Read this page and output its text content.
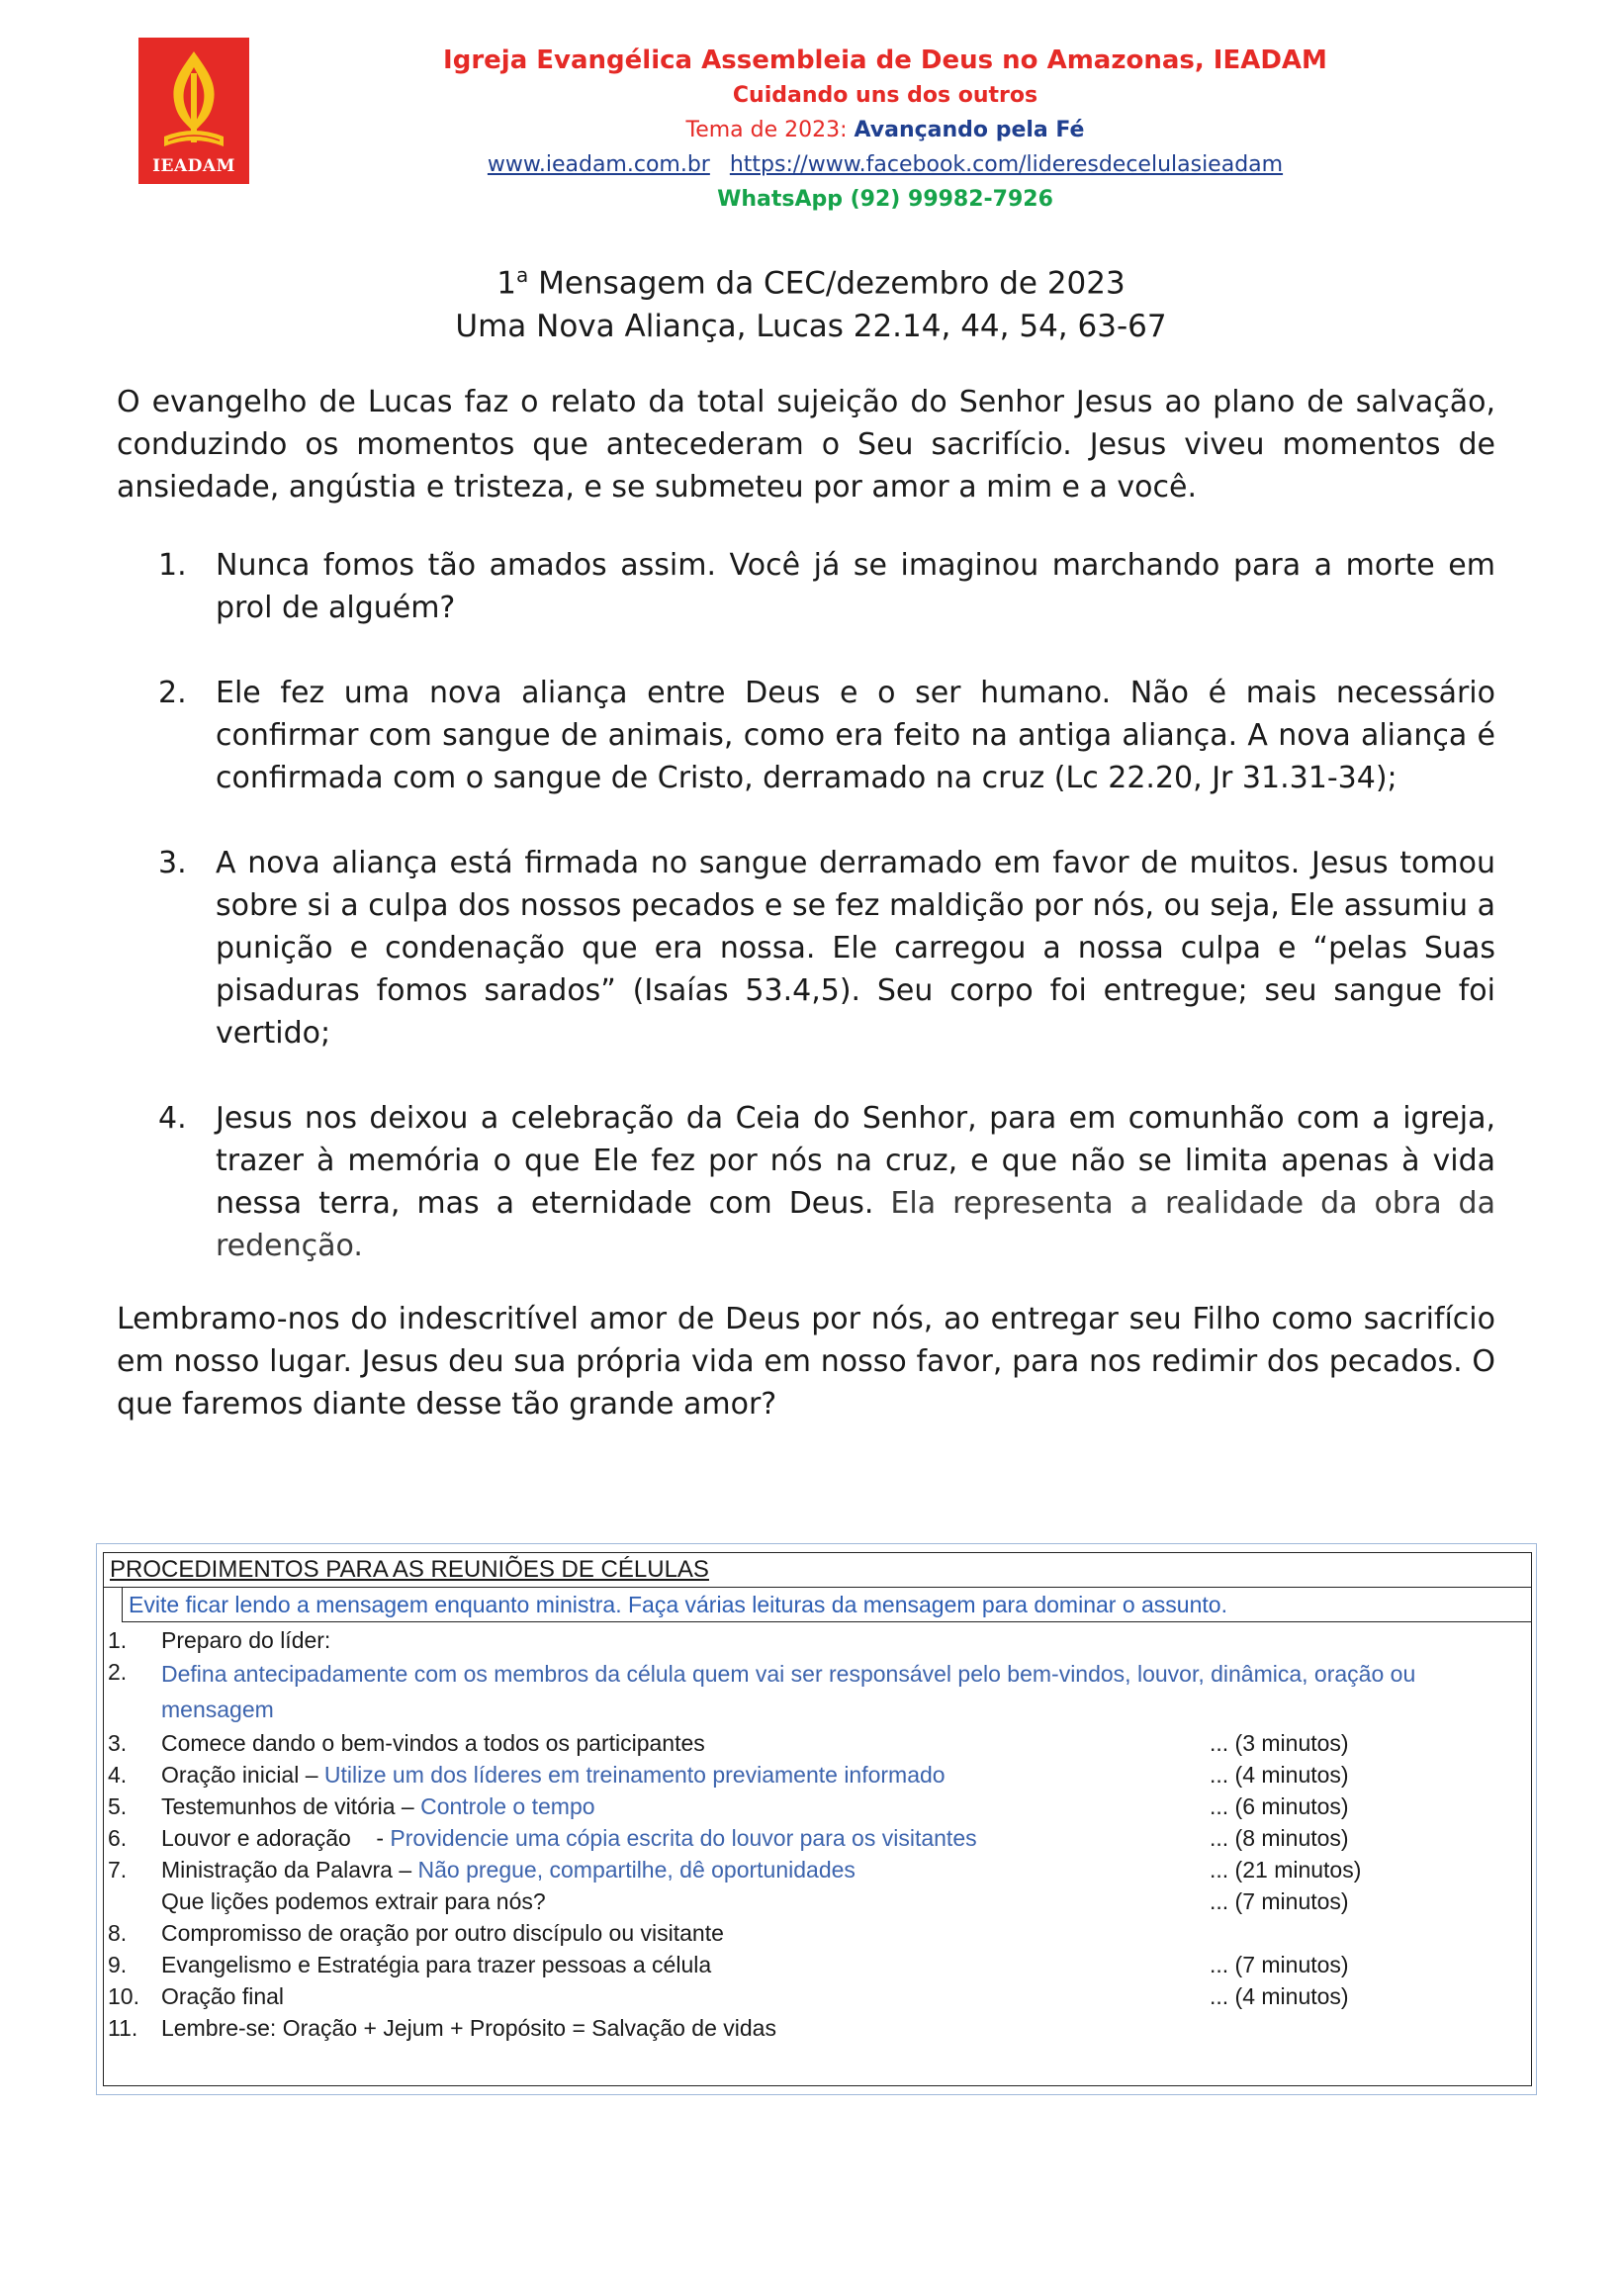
IEADAM
Igreja Evangélica Assembleia de Deus no Amazonas, IEADAM
Cuidando uns dos outros
Tema de 2023: Avançando pela Fé
www.ieadam.com.br https://www.facebook.com/lideresdecelulasieadam
WhatsApp (92) 99982-7926
1$^a$ Mensagem da CEC/dezembro de 2023
Uma Nova Aliança, Lucas 22.14, 44, 54, 63-67
O evangelho de Lucas faz o relato da total sujeição do Senhor Jesus ao plano de salvação, conduzindo os momentos que antecederam o Seu sacrifício. Jesus viveu momentos de ansiedade, angústia e tristeza, e se submeteu por amor a mim e a você.
1. Nunca fomos tão amados assim. Você já se imaginou marchando para a morte em prol de alguém?
2. Ele fez uma nova aliança entre Deus e o ser humano. Não é mais necessário confirmar com sangue de animais, como era feito na antiga aliança. A nova aliança é confirmada com o sangue de Cristo, derramado na cruz (Lc 22.20, Jr 31.31-34);
3. A nova aliança está firmada no sangue derramado em favor de muitos. Jesus tomou sobre si a culpa dos nossos pecados e se fez maldição por nós, ou seja, Ele assumiu a punição e condenação que era nossa. Ele carregou a nossa culpa e “pelas Suas pisaduras fomos sarados” (Isaías 53.4,5). Seu corpo foi entregue; seu sangue foi vertido;
4. Jesus nos deixou a celebração da Ceia do Senhor, para em comunhão com a igreja, trazer à memória o que Ele fez por nós na cruz, e que não se limita apenas à vida nessa terra, mas a eternidade com Deus. Ela representa a realidade da obra da redenção.
Lembramo-nos do indescritível amor de Deus por nós, ao entregar seu Filho como sacrifício em nosso lugar. Jesus deu sua própria vida em nosso favor, para nos redimir dos pecados. O que faremos diante desse tão grande amor?
PROCEDIMENTOS PARA AS REUNIÕES DE CÉLULAS
Evite ficar lendo a mensagem enquanto ministra. Faça várias leituras da mensagem para dominar o assunto.
1. Preparo do líder:
2. Defina antecipadamente com os membros da célula quem vai ser responsável pelo bem-vindos, louvor, dinâmica, oração ou mensagem
3. Comece dando o bem-vindos a todos os participantes	... (3 minutos)
4. Oração inicial – Utilize um dos líderes em treinamento previamente informado	... (4 minutos)
5. Testemunhos de vitória – Controle o tempo	... (6 minutos)
6. Louvor e adoração    - Providencie uma cópia escrita do louvor para os visitantes	... (8 minutos)
7. Ministração da Palavra – Não pregue, compartilhe, dê oportunidades	... (21 minutos)
Que lições podemos extrair para nós?	... (7 minutos)
8. Compromisso de oração por outro discípulo ou visitante
9. Evangelismo e Estratégia para trazer pessoas a célula	... (7 minutos)
10. Oração final	... (4 minutos)
11. Lembre-se: Oração + Jejum + Propósito = Salvação de vidas
